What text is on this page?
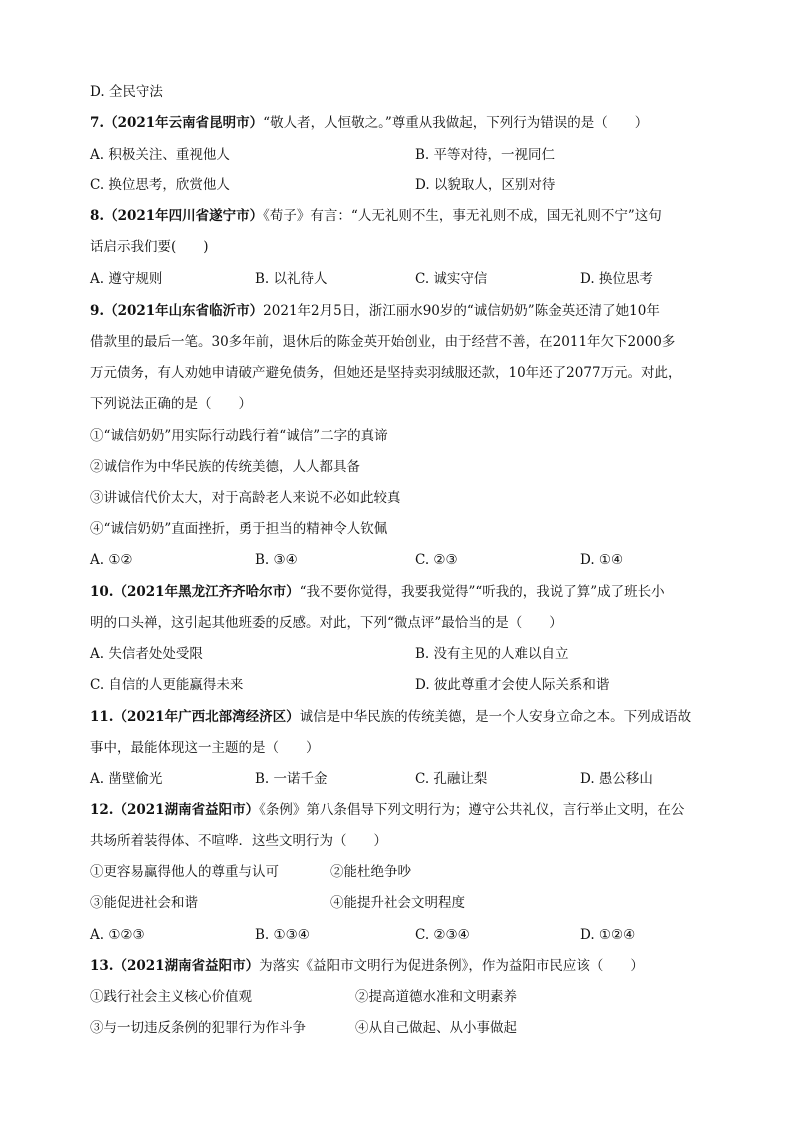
D. 全民守法
7.（2021年云南省昆明市）“敬人者，人恒敬之。”尊重从我做起，下列行为错误的是（　　）
A. 积极关注、重视他人	B. 平等对待，一视同仁
C. 换位思考，欣赏他人	D. 以貌取人，区别对待
8.（2021年四川省遂宁市）《荀子》有言：“人无礼则不生，事无礼则不成，国无礼则不宁”这句
话启示我们要(　　)
A. 遵守规则	B. 以礼待人	C. 诚实守信	D. 换位思考
9.（2021年山东省临沂市）2021年2月5日，浙江丽水90岁的“诚信奶奶”陈金英还清了她10年
借款里的最后一笔。30多年前，退休后的陈金英开始创业，由于经营不善，在2011年欠下2000多
万元债务，有人劝她申请破产避免债务，但她还是坚持卖羽绒服还款，10年还了2077万元。对此，
下列说法正确的是（　　）
①“诚信奶奶”用实际行动践行着“诚信”二字的真谛
②诚信作为中华民族的传统美德，人人都具备
③讲诚信代价太大，对于高龄老人来说不必如此较真
④“诚信奶奶”直面挫折，勇于担当的精神令人钦佩
A. ①②	B. ③④	C. ②③	D. ①④
10.（2021年黑龙江齐齐哈尔市）“我不要你觉得，我要我觉得”“听我的，我说了算”成了班长小
明的口头禅，这引起其他班委的反感。对此，下列“微点评”最恰当的是（　　）
A. 失信者处处受限	B. 没有主见的人难以自立
C. 自信的人更能赢得未来	D. 彼此尊重才会使人际关系和谐
11.（2021年广西北部湾经济区）诚信是中华民族的传统美德，是一个人安身立命之本。下列成语故
事中，最能体现这一主题的是（　　）
A. 凿壁偷光	B. 一诺千金	C. 孔融让梨	D. 愚公移山
12.（2021湖南省益阳市）《条例》第八条倡导下列文明行为；遵守公共礼仪，言行举止文明，在公
共场所着装得体、不喧哗．这些文明行为（　　）
①更容易赢得他人的尊重与认可	②能杜绝争吵
③能促进社会和谐	④能提升社会文明程度
A. ①②③	B. ①③④	C. ②③④	D. ①②④
13.（2021湖南省益阳市）为落实《益阳市文明行为促进条例》，作为益阳市民应该（　　）
①践行社会主义核心价值观	②提高道德水准和文明素养
③与一切违反条例的犯罪行为作斗争	④从自己做起、从小事做起
